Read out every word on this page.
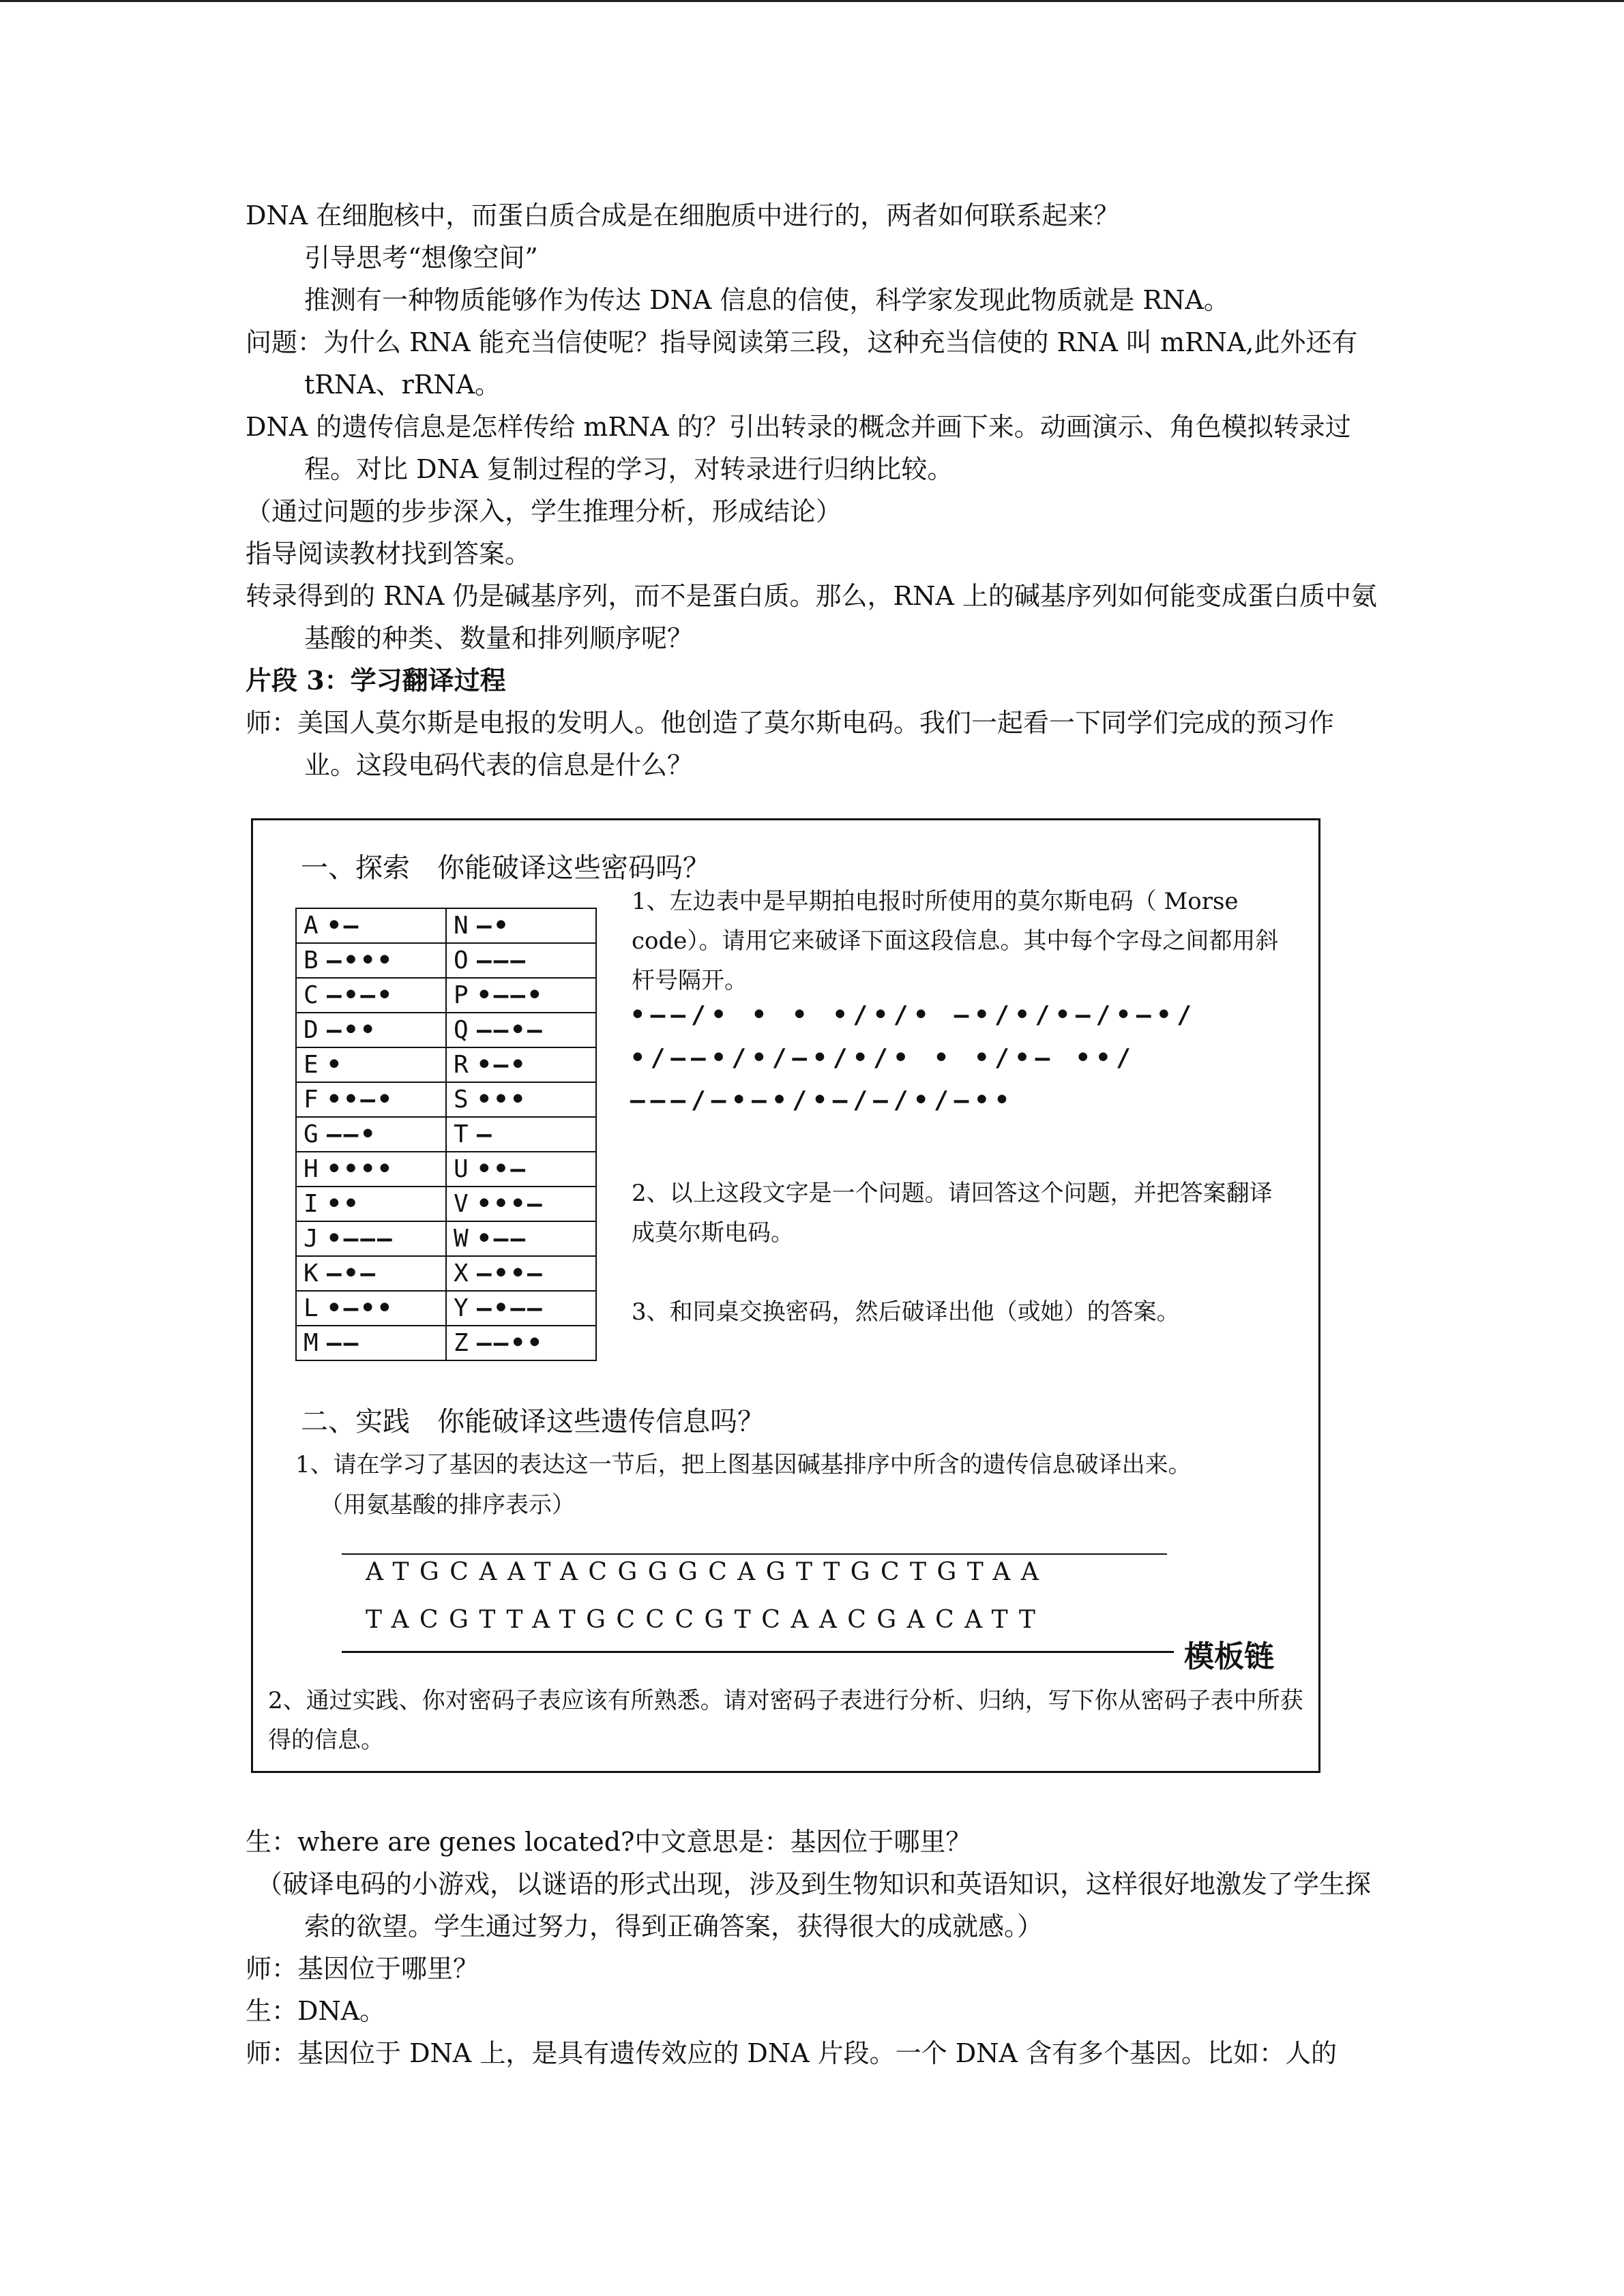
DNA 在细胞核中，而蛋白质合成是在细胞质中进行的，两者如何联系起来？

引导思考“想像空间”

推测有一种物质能够作为传达 DNA 信息的信使，科学家发现此物质就是 RNA。

问题：为什么 RNA 能充当信使呢？指导阅读第三段，这种充当信使的 RNA 叫 mRNA,此外还有 tRNA、rRNA。

DNA 的遗传信息是怎样传给 mRNA 的？引出转录的概念并画下来。动画演示、角色模拟转录过程。对比 DNA 复制过程的学习，对转录进行归纳比较。

（通过问题的步步深入，学生推理分析，形成结论）

指导阅读教材找到答案。

转录得到的 RNA 仍是碱基序列，而不是蛋白质。那么，RNA 上的碱基序列如何能变成蛋白质中氨基酸的种类、数量和排列顺序呢？

片段 3：学习翻译过程

师：美国人莫尔斯是电报的发明人。他创造了莫尔斯电码。我们一起看一下同学们完成的预习作业。这段电码代表的信息是什么？

一、探索　你能破译这些密码吗？
A •—	N —•
B —•••	O ———
C —•—•	P •——•
D —••	Q ——•—
E •	R •—•
F ••—•	S •••
G ——•	T —
H ••••	U ••—
I ••	V •••—
J •———	W •——
K —•—	X —••—
L •—••	Y —•——
M ——	Z ——••
1、左边表中是早期拍电报时所使用的莫尔斯电码（ Morse code）。请用它来破译下面这段信息。其中每个字母之间都用斜杆号隔开。
•——/• • • •/•/• —•/•/•—/•—•/
•/——•/•/—•/•/• • •/•— ••/
———/—•—•/•—/—/•/—••
2、以上这段文字是一个问题。请回答这个问题，并把答案翻译成莫尔斯电码。
3、和同桌交换密码，然后破译出他（或她）的答案。
二、实践　你能破译这些遗传信息吗？
1、请在学习了基因的表达这一节后，把上图基因碱基排序中所含的遗传信息破译出来。
（用氨基酸的排序表示）
ATGCAATACGGGCAGTTGCTGTAA
TACGTTATGCCCGTCAACGACATT
模板链
2、通过实践、你对密码子表应该有所熟悉。请对密码子表进行分析、归纳，写下你从密码子表中所获得的信息。

生：where are genes located?中文意思是：基因位于哪里？

（破译电码的小游戏，以谜语的形式出现，涉及到生物知识和英语知识，这样很好地激发了学生探索的欲望。学生通过努力，得到正确答案，获得很大的成就感。）

师：基因位于哪里？

生：DNA。

师：基因位于 DNA 上，是具有遗传效应的 DNA 片段。一个 DNA 含有多个基因。比如：人的
